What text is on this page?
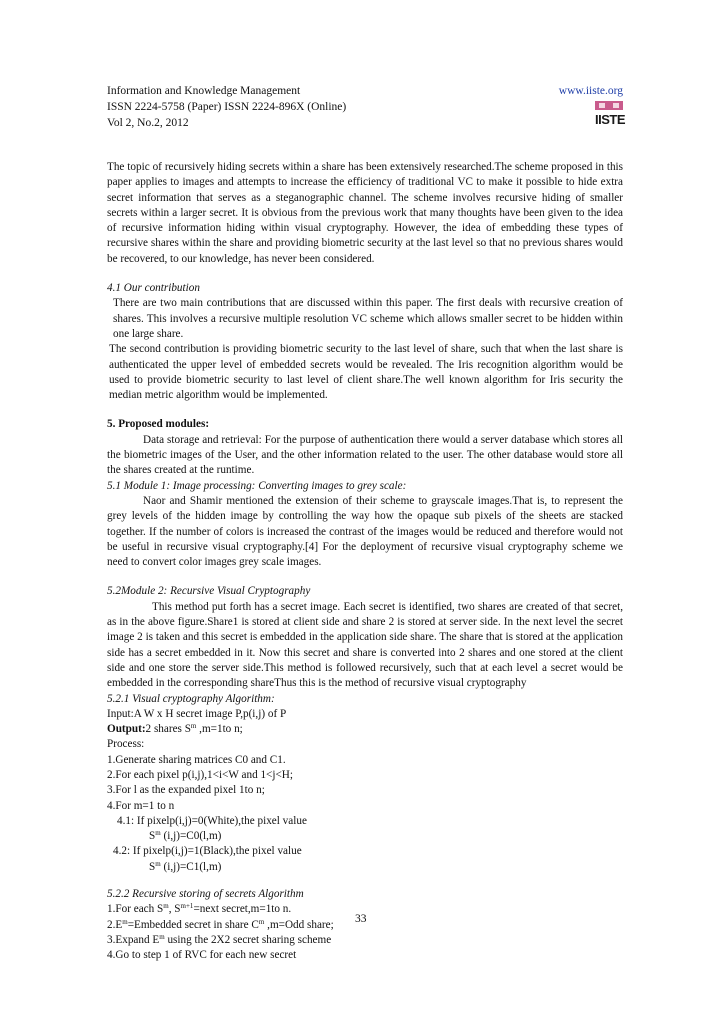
Information and Knowledge Management
ISSN 2224-5758 (Paper) ISSN 2224-896X (Online)
Vol 2, No.2, 2012
www.iiste.org
IISTE

The topic of recursively hiding secrets within a share has been extensively researched.The scheme proposed in this paper applies to images and attempts to increase the efficiency of traditional VC to make it possible to hide extra secret information that serves as a steganographic channel. The scheme involves recursive hiding of smaller secrets within a larger secret. It is obvious from the previous work that many thoughts have been given to the idea of recursive information hiding within visual cryptography. However, the idea of embedding these types of recursive shares within the share and providing biometric security at the last level so that no previous shares would be recovered, to our knowledge, has never been considered.

4.1 Our contribution

There are two main contributions that are discussed within this paper. The first deals with recursive creation of shares. This involves a recursive multiple resolution VC scheme which allows smaller secret to be hidden within one large share.

The second contribution is providing biometric security to the last level of share, such that when the last share is authenticated the upper level of embedded secrets would be revealed. The Iris recognition algorithm would be used to provide biometric security to last level of client share.The well known algorithm for Iris security the median metric algorithm would be implemented.

5. Proposed modules:

Data storage and retrieval: For the purpose of authentication there would a server database which stores all the biometric images of the User, and the other information related to the user. The other database would store all the shares created at the runtime.

5.1 Module 1: Image processing: Converting images to grey scale:

Naor and Shamir mentioned the extension of their scheme to grayscale images.That is, to represent the grey levels of the hidden image by controlling the way how the opaque sub pixels of the sheets are stacked together. If the number of colors is increased the contrast of the images would be reduced and therefore would not be useful in recursive visual cryptography.[4] For the deployment of recursive visual cryptography scheme we need to convert color images grey scale images.

5.2Module 2: Recursive Visual Cryptography

This method put forth has a secret image. Each secret is identified, two shares are created of that secret, as in the above figure.Share1 is stored at client side and share 2 is stored at server side. In the next level the secret image 2 is taken and this secret is embedded in the application side share. The share that is stored at the application side has a secret embedded in it. Now this secret and share is converted into 2 shares and one stored at the client side and one store the server side.This method is followed recursively, such that at each level a secret would be embedded in the corresponding shareThus this is the method of recursive visual cryptography

5.2.1 Visual cryptography Algorithm:

Input:A W x H secret image P,p(i,j) of P

Output:2 shares $S^m$ ,m=1to n;

Process:

1.Generate sharing matrices C0 and C1.

2.For each pixel p(i,j),1<i<W and 1<j<H;

3.For l as the expanded pixel 1to n;

4.For m=1 to n

4.1: If pixelp(i,j)=0(White),the pixel value

$S^m$ (i,j)=C0(l,m)

4.2: If pixelp(i,j)=1(Black),the pixel value

$S^m$ (i,j)=C1(l,m)

5.2.2 Recursive storing of secrets Algorithm

1.For each $S^m$, $S^{m+1}=next$ secret,m=1to n.

$2.E^m=Embedded$ secret in share $C^m$ ,m=Odd share;

3.Expand $E^m$ using the 2X2 secret sharing scheme

4.Go to step 1 of RVC for each new secret

33
